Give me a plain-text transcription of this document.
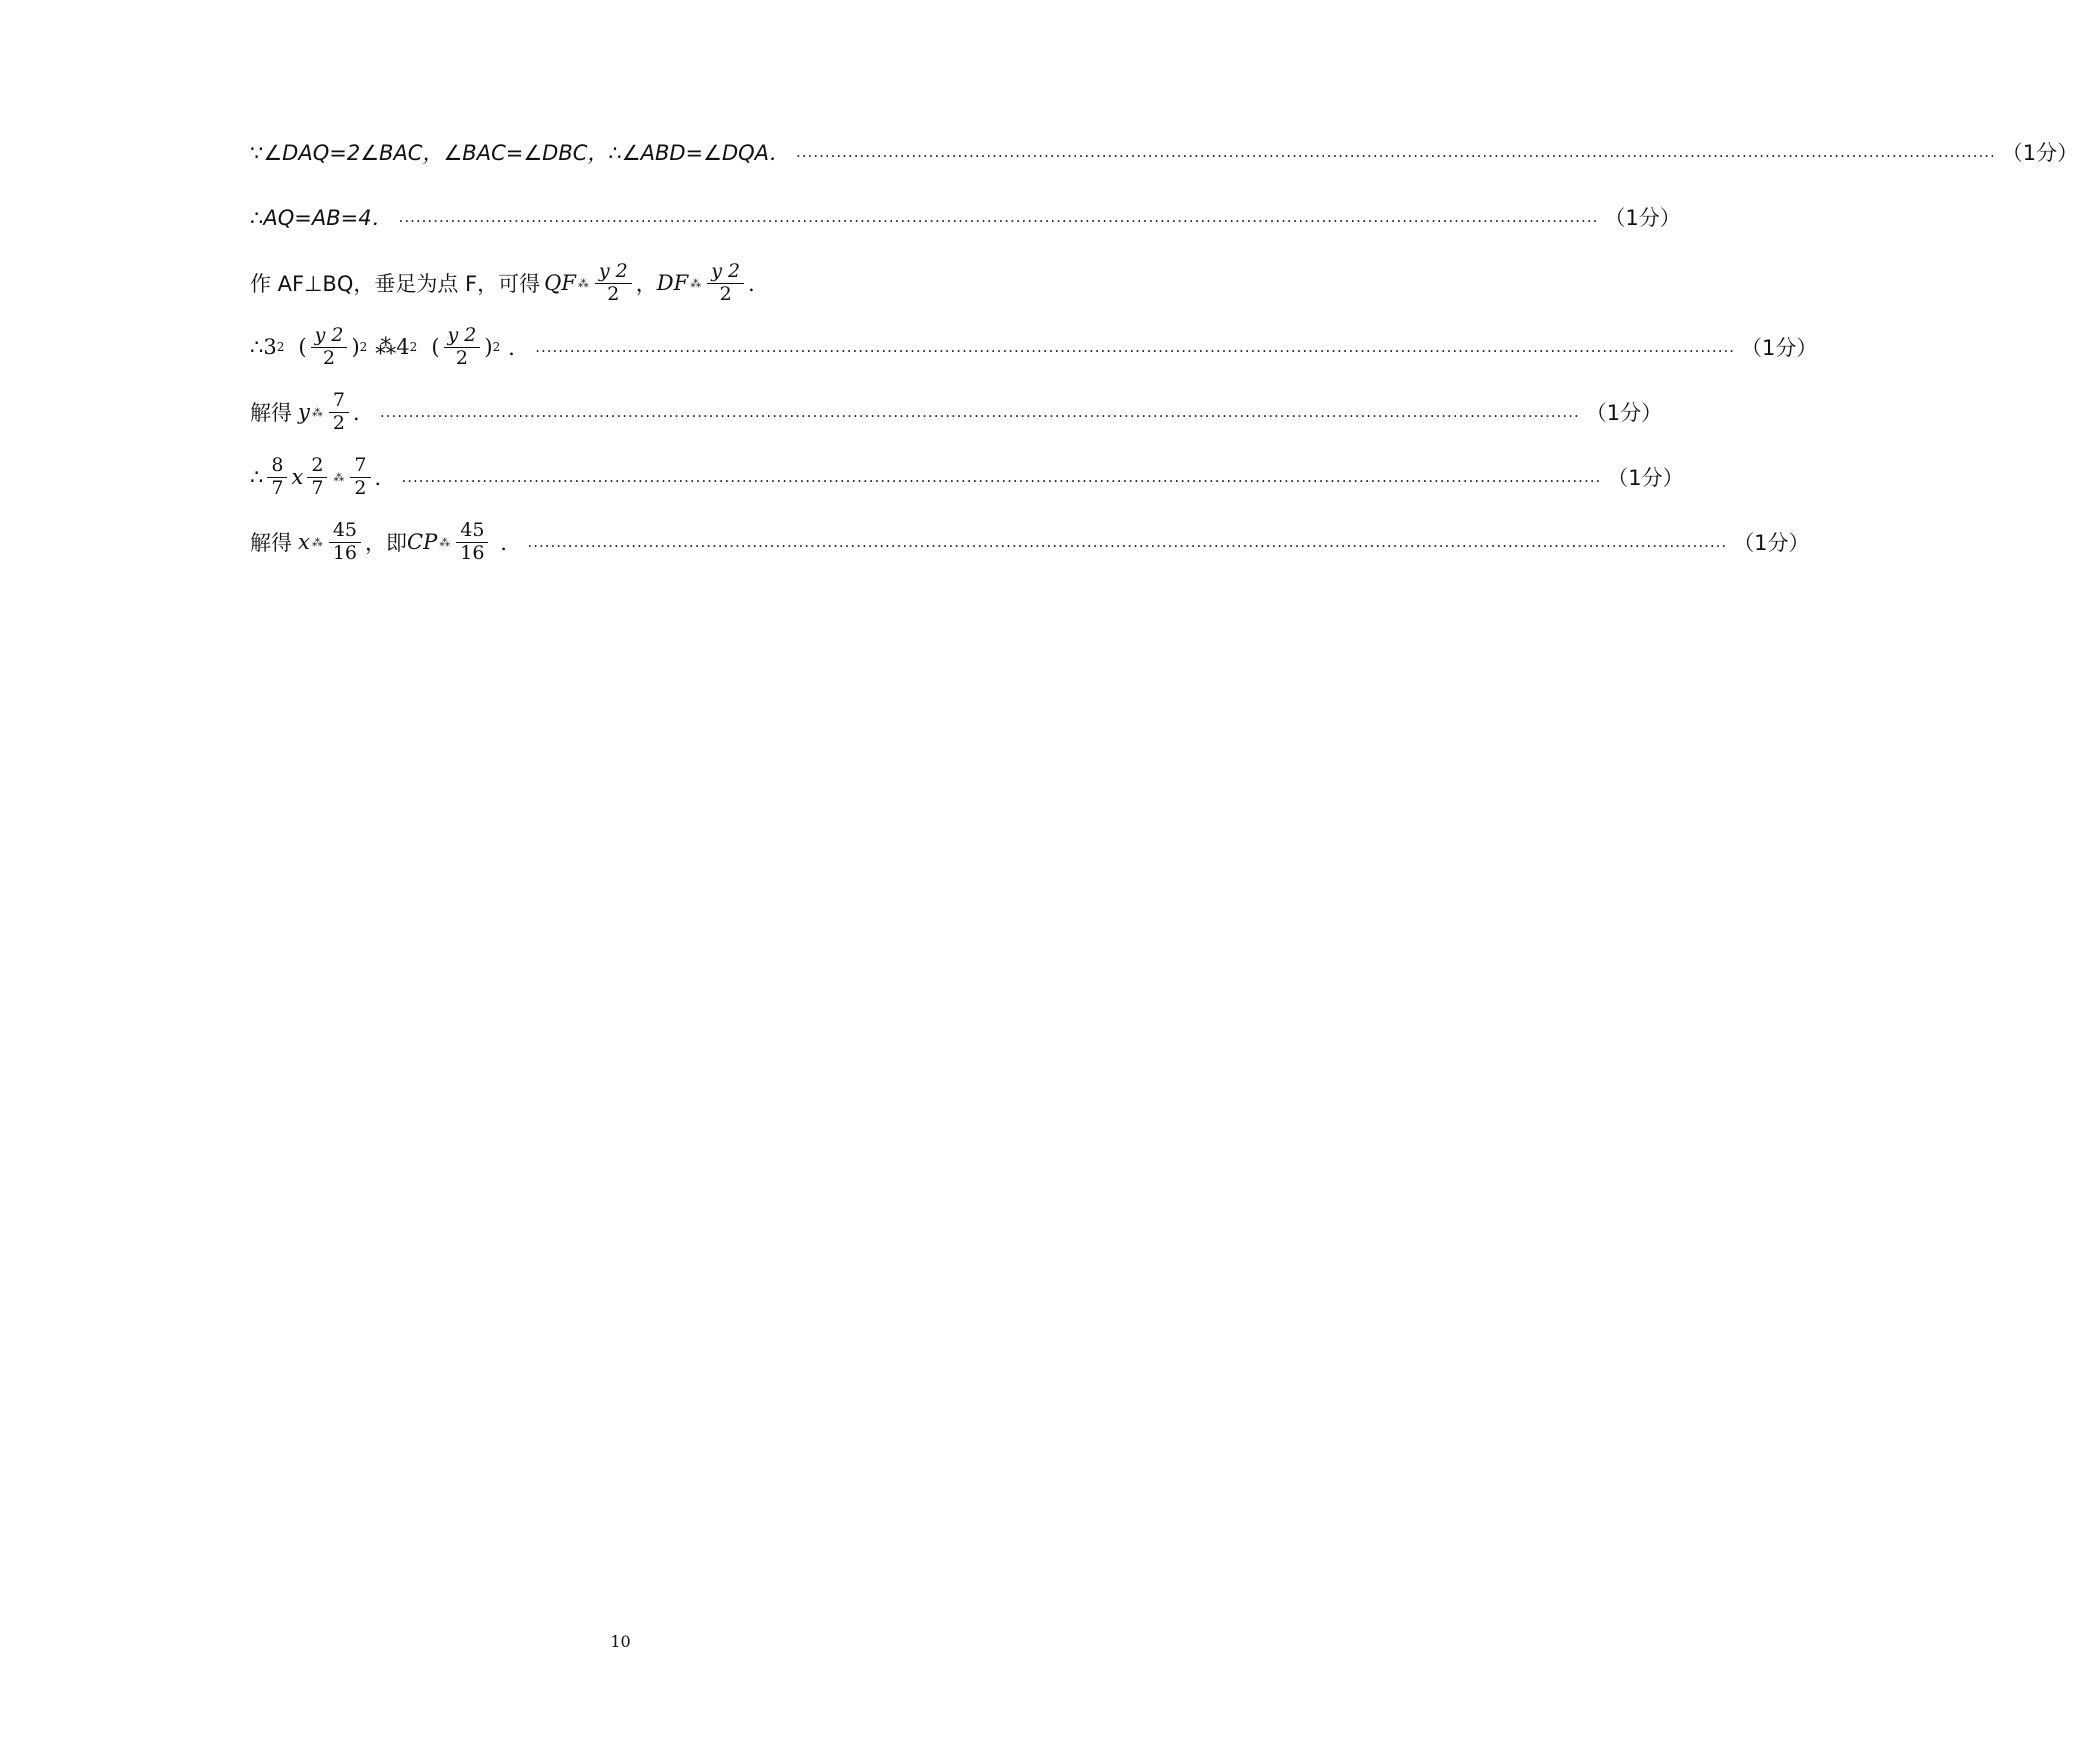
∵∠DAQ=2∠BAC，∠BAC=∠DBC，∴∠ABD=∠DQA． ................................................................................................................................................................................................................ （1分）
∴AQ=AB=4． ................................................................................................................................................................................................................ （1分）
作 AF⊥BQ，垂足为点 F，可得 QF ⁂ $\frac{y 2}{2}$ ， DF ⁂ $\frac{y 2}{2}$ ．
∴3 2 ( $\frac{y 2}{2}$ ) 2 ⁂4 2 ( $\frac{y 2}{2}$ ) 2 ． ................................................................................................................................................................................................................ （1分）
解得 y ⁂ $\frac{7}{2}$ ． ................................................................................................................................................................................................................ （1分）
∴ $\frac{8}{7}$ x $\frac{2}{7}$ ⁂ $\frac{7}{2}$ ． ................................................................................................................................................................................................................ （1分）
解得 x ⁂ $\frac{45}{16}$ ，即 CP ⁂ $\frac{45}{16}$ ． ................................................................................................................................................................................................................ （1分）
10
